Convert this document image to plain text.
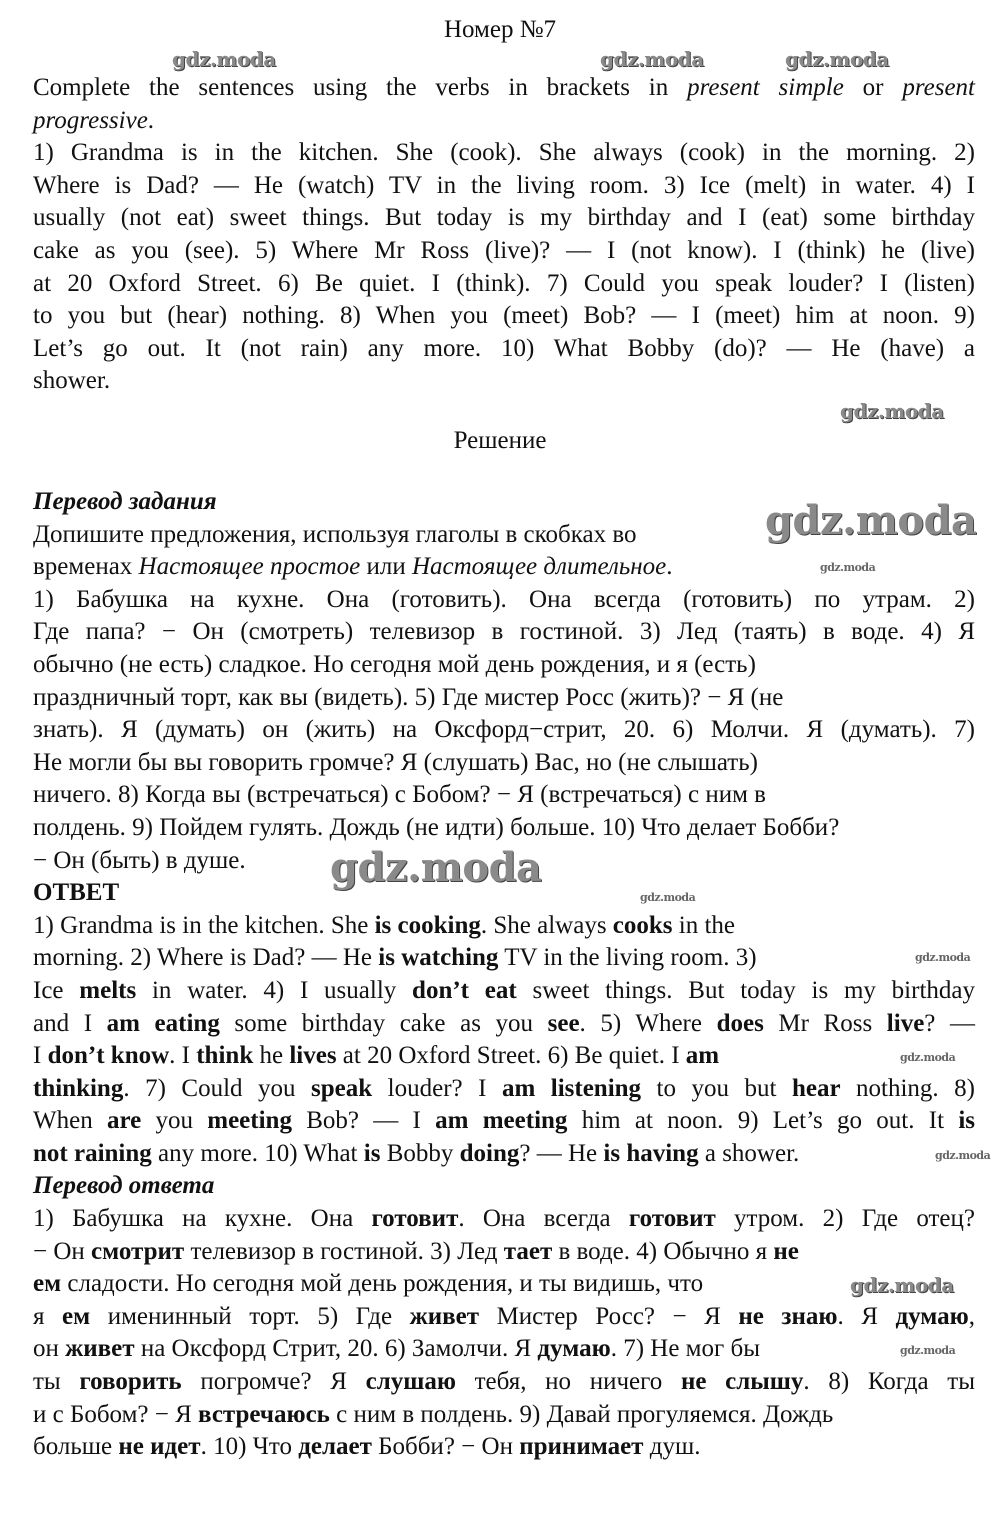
Номер №7
Complete the sentences using the verbs in brackets in present simple or present
progressive.
1) Grandma is in the kitchen. She (cook). She always (cook) in the morning. 2)
Where is Dad? — He (watch) TV in the living room. 3) Ice (melt) in water. 4) I
usually (not eat) sweet things. But today is my birthday and I (eat) some birthday
cake as you (see). 5) Where Mr Ross (live)? — I (not know). I (think) he (live)
at 20 Oxford Street. 6) Be quiet. I (think). 7) Could you speak louder? I (listen)
to you but (hear) nothing. 8) When you (meet) Bob? — I (meet) him at noon. 9)
Let’s go out. It (not rain) any more. 10) What Bobby (do)? — He (have) a
shower.
Решение
Перевод задания
Допишите предложения, используя глаголы в скобках во
временах Настоящее простое или Настоящее длительное.
1) Бабушка на кухне. Она (готовить). Она всегда (готовить) по утрам. 2)
Где папа? − Он (смотреть) телевизор в гостиной. 3) Лед (таять) в воде. 4) Я
обычно (не есть) сладкое. Но сегодня мой день рождения, и я (есть)
праздничный торт, как вы (видеть). 5) Где мистер Росс (жить)? − Я (не
знать). Я (думать) он (жить) на Оксфорд−стрит, 20. 6) Молчи. Я (думать). 7)
Не могли бы вы говорить громче? Я (слушать) Вас, но (не слышать)
ничего. 8) Когда вы (встречаться) с Бобом? − Я (встречаться) с ним в
полдень. 9) Пойдем гулять. Дождь (не идти) больше. 10) Что делает Бобби?
− Он (быть) в душе.
ОТВЕТ
1) Grandma is in the kitchen. She is cooking. She always cooks in the
morning. 2) Where is Dad? — He is watching TV in the living room. 3)
Ice melts in water. 4) I usually don’t eat sweet things. But today is my birthday
and I am eating some birthday cake as you see. 5) Where does Mr Ross live? —
I don’t know. I think he lives at 20 Oxford Street. 6) Be quiet. I am
thinking. 7) Could you speak louder? I am listening to you but hear nothing. 8)
When are you meeting Bob? — I am meeting him at noon. 9) Let’s go out. It is
not raining any more. 10) What is Bobby doing? — He is having a shower.
Перевод ответа
1) Бабушка на кухне. Она готовит. Она всегда готовит утром. 2) Где отец?
− Он смотрит телевизор в гостиной. 3) Лед тает в воде. 4) Обычно я не
ем сладости. Но сегодня мой день рождения, и ты видишь, что
я ем именинный торт. 5) Где живет Мистер Росс? − Я не знаю. Я думаю,
он живет на Оксфорд Стрит, 20. 6) Замолчи. Я думаю. 7) Не мог бы
ты говорить погромче? Я слушаю тебя, но ничего не слышу. 8) Когда ты
и с Бобом? − Я встречаюсь с ним в полдень. 9) Давай прогуляемся. Дождь
больше не идет. 10) Что делает Бобби? − Он принимает душ.
gdz.moda	gdz.moda	gdz.moda
gdz.moda
gdz.moda
gdz.moda
gdz.moda
gdz.moda
gdz.moda
gdz.moda
gdz.moda
gdz.moda
gdz.moda
